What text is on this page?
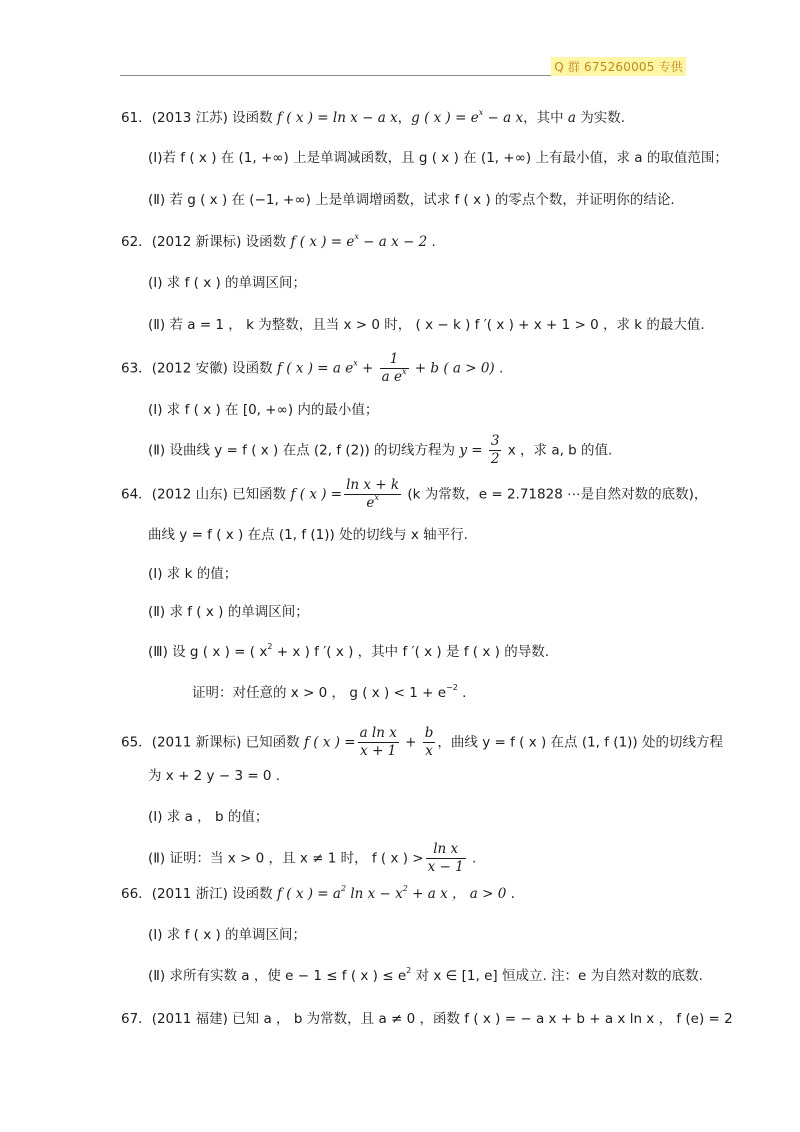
Q 群 675260005 专供
61．(2013 江苏) 设函数 f ( x ) = ln x − a x，g ( x ) = $e^x - a$ x，其中 a 为实数.
(Ⅰ)若 f ( x ) 在 (1, +∞) 上是单调减函数，且 g ( x ) 在 (1, +∞) 上有最小值，求 a 的取值范围；
(Ⅱ) 若 g ( x ) 在 (−1, +∞) 上是单调增函数，试求 f ( x ) 的零点个数，并证明你的结论.
62．(2012 新课标) 设函数 f ( x ) = $e^x - a$ x − 2 .
(Ⅰ) 求 f ( x ) 的单调区间；
(Ⅱ) 若 a = 1 ， k 为整数，且当 x > 0 时， ( x − k ) f ′( x ) + x + 1 > 0 ，求 k 的最大值.
63．(2012 安徽) 设函数 f ( x ) = a $e^x + \frac{1}{a e^x} + b$ ( a > 0) .
(Ⅰ) 求 f ( x ) 在 [0, +∞) 内的最小值；
(Ⅱ) 设曲线 y = f ( x ) 在点 (2, f (2)) 的切线方程为 $y = \frac{3}{2}$ x ，求 a, b 的值.
64．(2012 山东) 已知函数 f ( x ) = $\frac{\text{ln x + k}}{e^x} (k$ 为常数，e = 2.71828 ⋯是自然对数的底数)，
曲线 y = f ( x ) 在点 (1, f (1)) 处的切线与 x 轴平行.
(Ⅰ) 求 k 的值；
(Ⅱ) 求 f ( x ) 的单调区间；
(Ⅲ) 设 g ( x ) = ( $x^2 + x$ ) f ′( x ) ，其中 f ′( x ) 是 f ( x ) 的导数.
证明：对任意的 x > 0 ， g ( x ) < $1 + e^{-2}$ .
65．(2011 新课标) 已知函数 f ( x ) = $\frac{\text{a ln x}}{x + 1} + \frac{b}{x}$ ，曲线 y = f ( x ) 在点 (1, f (1)) 处的切线方程
为 x + 2 y − 3 = 0 .
(Ⅰ) 求 a ， b 的值；
(Ⅱ) 证明：当 x > 0 ，且 x ≠ 1 时， f ( x ) > $\frac{\text{ln x}}{x - 1}$ .
66．(2011 浙江) 设函数 f ( x ) = $a^2$ $\ln x - x^2 + a$ x ， a > 0 .
(Ⅰ) 求 f ( x ) 的单调区间；
(Ⅱ) 求所有实数 a ，使 e − 1 ≤ f ( x ) ≤ $e^2$ 对 x ∈ [1, e] 恒成立. 注：e 为自然对数的底数.
67．(2011 福建) 已知 a ， b 为常数，且 a ≠ 0 ，函数 f ( x ) = − a x + b + a x ln x ， f (e) = 2
